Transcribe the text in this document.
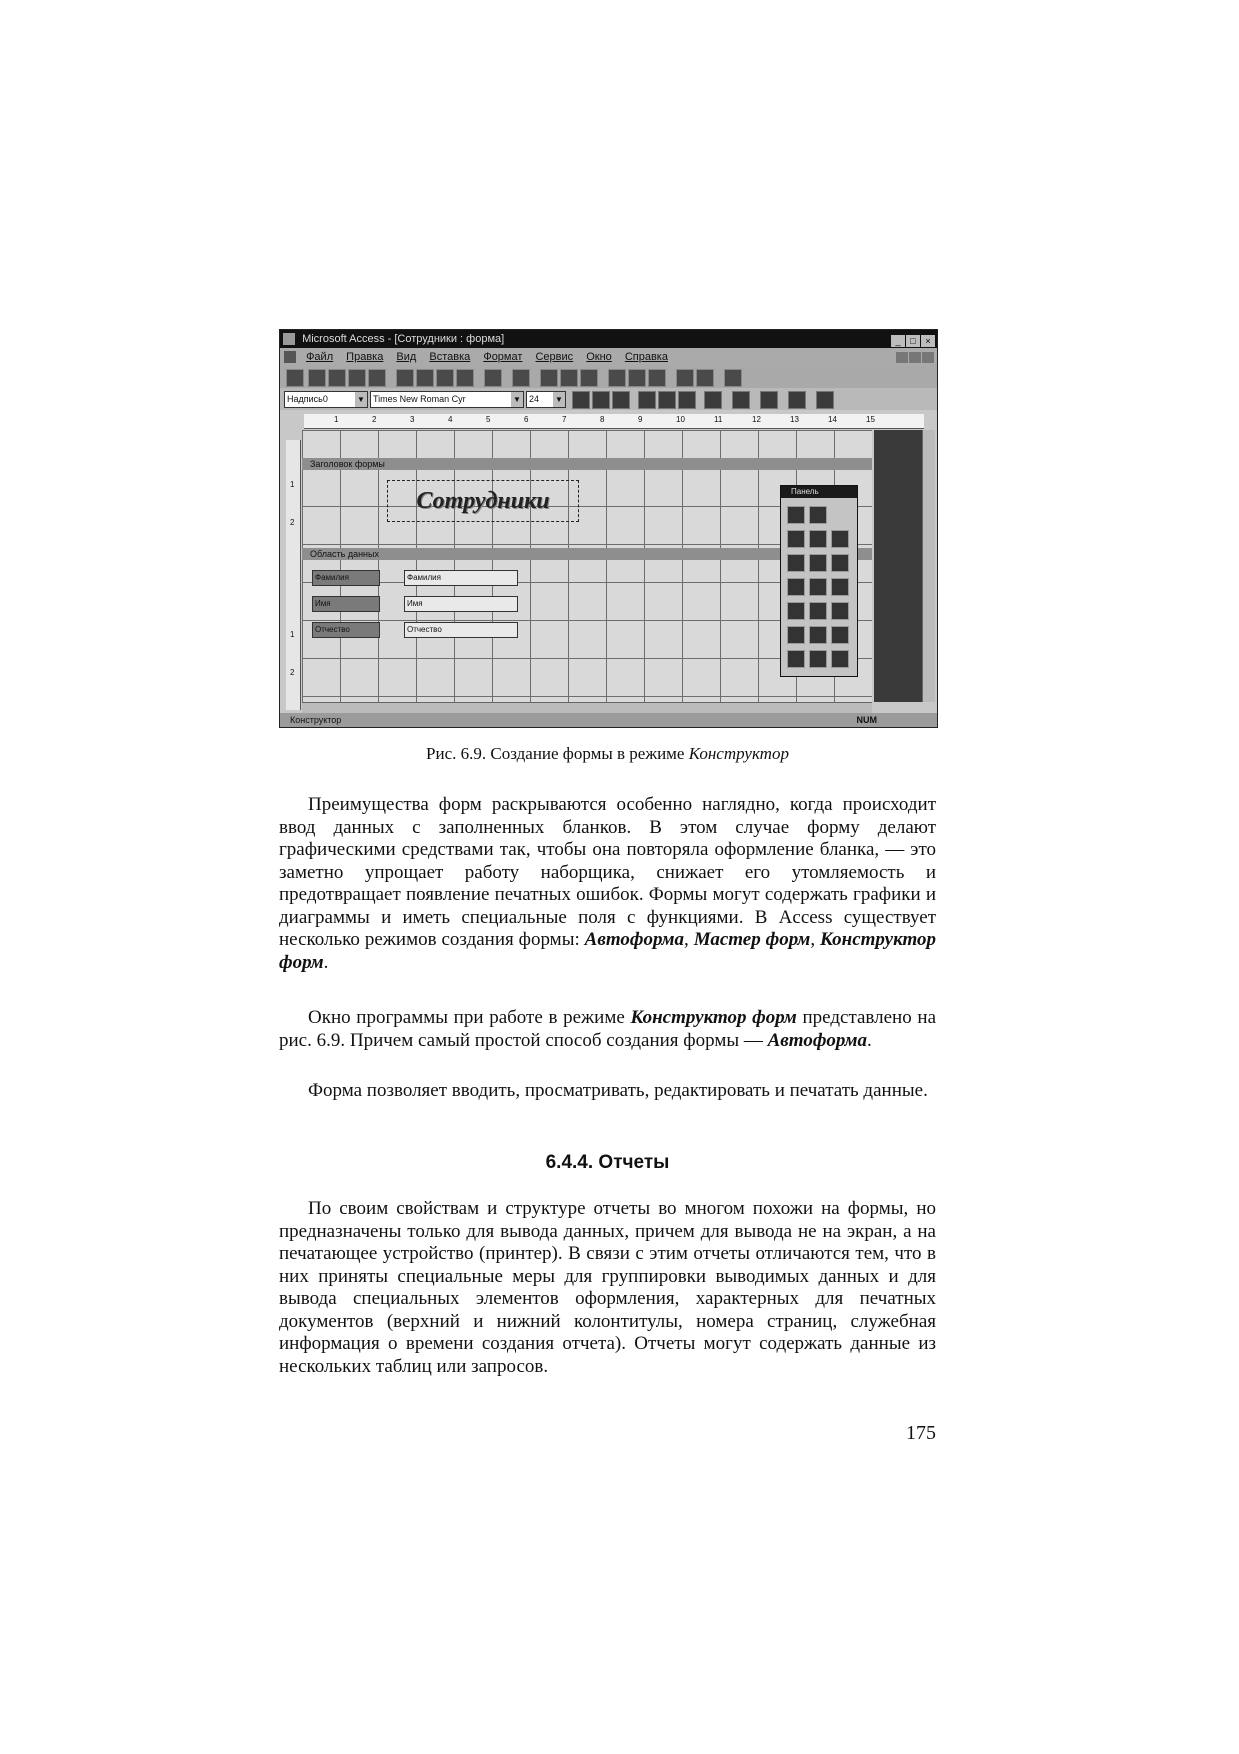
Microsoft Access - [Сотрудники : форма]	_ □ ×
Файл Правка Вид Вставка Формат Сервис Окно Справка
Надпись0	▼ Times New Roman Cyr	▼ 24 ▼
1	2	3	4	5	6	7	8	9	10	11	12	13	14	15
1
2
1
2
Заголовок формы
Область данных
Сотрудники
Фамилия	Фамилия
Имя	Имя
Отчество	Отчество
Панель
Конструктор	NUM
Рис. 6.9. Создание формы в режиме Конструктор

Преимущества форм раскрываются особенно наглядно, когда происходит ввод данных с заполненных бланков. В этом случае форму делают графическими средствами так, чтобы она повторяла оформление бланка, — это заметно упрощает работу наборщика, снижает его утомляемость и предотвращает появление печатных ошибок. Формы могут содержать графики и диаграммы и иметь специальные поля с функциями. В Access существует несколько режимов создания формы: Автоформа, Мастер форм, Конструктор форм.

Окно программы при работе в режиме Конструктор форм представлено на рис. 6.9. Причем самый простой способ создания формы — Автоформа.

Форма позволяет вводить, просматривать, редактировать и печатать данные.

6.4.4. Отчеты

По своим свойствам и структуре отчеты во многом похожи на формы, но предназначены только для вывода данных, причем для вывода не на экран, а на печатающее устройство (принтер). В связи с этим отчеты отличаются тем, что в них приняты специальные меры для группировки выводимых данных и для вывода специальных элементов оформления, характерных для печатных документов (верхний и нижний колонтитулы, номера страниц, служебная информация о времени создания отчета). Отчеты могут содержать данные из нескольких таблиц или запросов.

175
